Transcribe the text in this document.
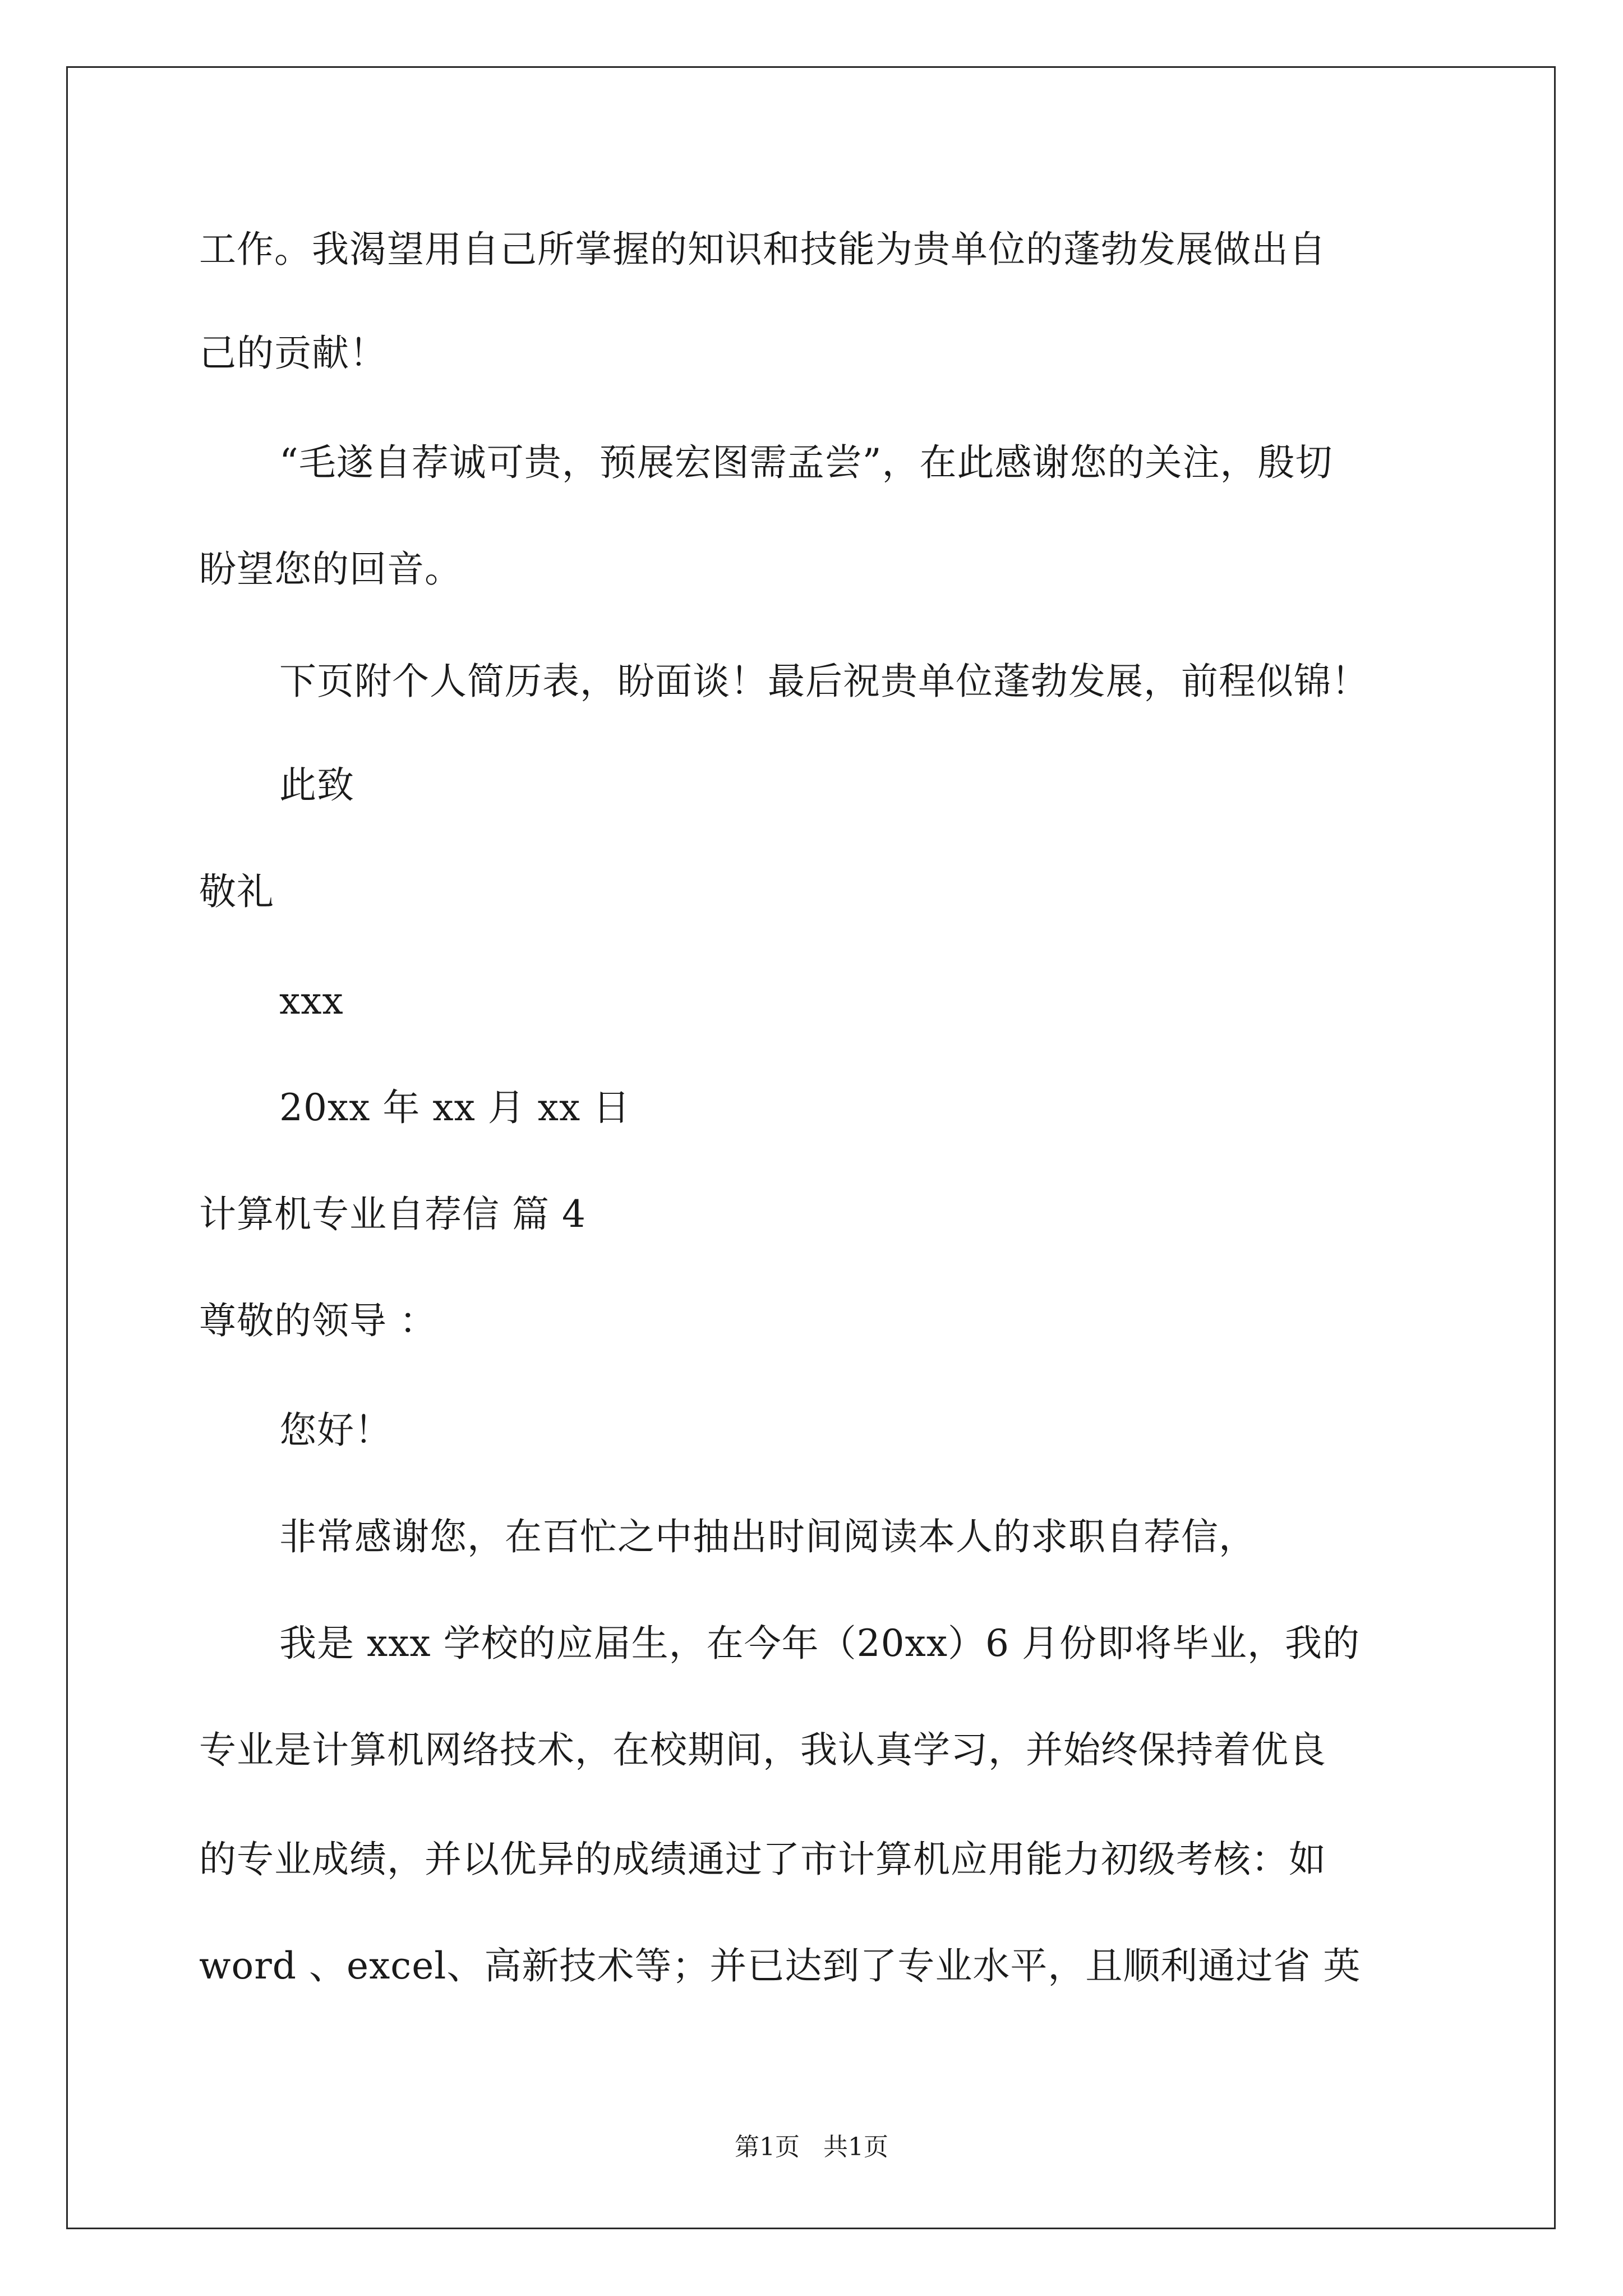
工作。我渴望用自己所掌握的知识和技能为贵单位的蓬勃发展做出自
己的贡献！
“毛遂自荐诚可贵，预展宏图需孟尝”，在此感谢您的关注，殷切
盼望您的回音。
下页附个人简历表，盼面谈！最后祝贵单位蓬勃发展，前程似锦！
此致
敬礼
xxx
20xx 年 xx 月 xx 日
计算机专业自荐信 篇 4
尊敬的领导 ：
您好！
非常感谢您，在百忙之中抽出时间阅读本人的求职自荐信，
我是 xxx 学校的应届生，在今年（20xx）6 月份即将毕业，我的
专业是计算机网络技术，在校期间，我认真学习，并始终保持着优良
的专业成绩，并以优异的成绩通过了市计算机应用能力初级考核：如
word 、excel、高新技术等；并已达到了专业水平，且顺利通过省 英
第1页   共1页
